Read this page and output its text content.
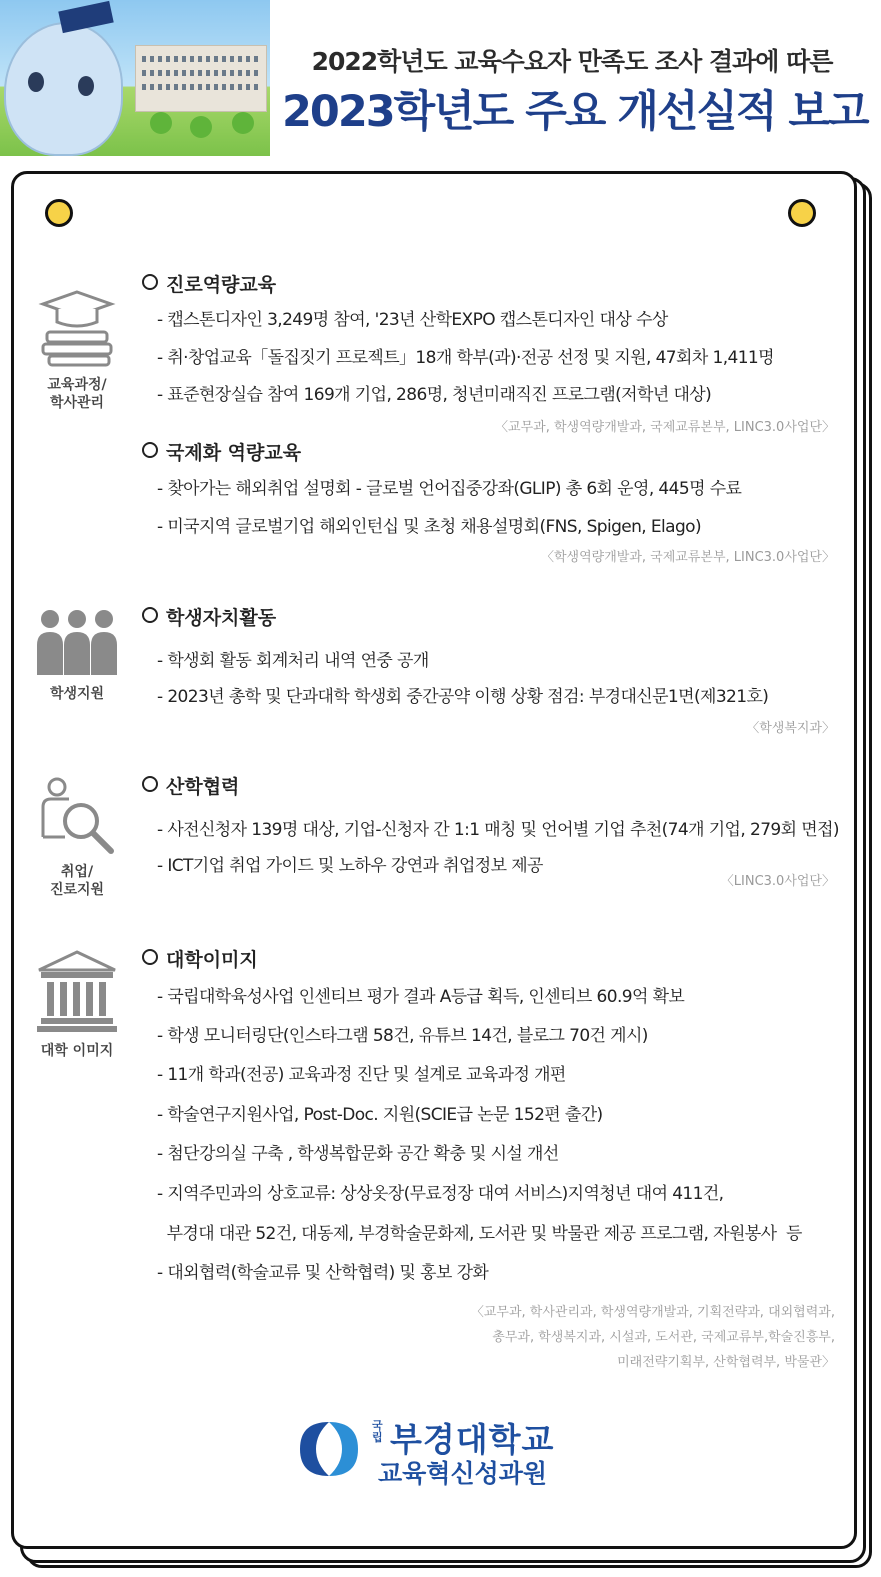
2022학년도 교육수요자 만족도 조사 결과에 따른
2023학년도 주요 개선실적 보고
교육과정/
학사관리
진로역량교육
- 캡스톤디자인 3,249명 참여, '23년 산학EXPO 캡스톤디자인 대상 수상
- 취·창업교육「돌집짓기 프로젝트」18개 학부(과)·전공 선정 및 지원, 47회차 1,411명
- 표준현장실습 참여 169개 기업, 286명, 청년미래직진 프로그램(저학년 대상)
〈교무과, 학생역량개발과, 국제교류본부, LINC3.0사업단〉
국제화 역량교육
- 찾아가는 해외취업 설명회 - 글로벌 언어집중강좌(GLIP) 총 6회 운영, 445명 수료
- 미국지역 글로벌기업 해외인턴십 및 초청 채용설명회(FNS, Spigen, Elago)
〈학생역량개발과, 국제교류본부, LINC3.0사업단〉
학생지원
학생자치활동
- 학생회 활동 회계처리 내역 연중 공개
- 2023년 총학 및 단과대학 학생회 중간공약 이행 상황 점검: 부경대신문1면(제321호)
〈학생복지과〉
취업/
진로지원
산학협력
- 사전신청자 139명 대상, 기업-신청자 간 1:1 매칭 및 언어별 기업 추천(74개 기업, 279회 면접)
- ICT기업 취업 가이드 및 노하우 강연과 취업정보 제공
〈LINC3.0사업단〉
대학 이미지
대학이미지
- 국립대학육성사업 인센티브 평가 결과 A등급 획득, 인센티브 60.9억 확보
- 학생 모니터링단(인스타그램 58건, 유튜브 14건, 블로그 70건 게시)
- 11개 학과(전공) 교육과정 진단 및 설계로 교육과정 개편
- 학술연구지원사업, Post-Doc. 지원(SCIE급 논문 152편 출간)
- 첨단강의실 구축 , 학생복합문화 공간 확충 및 시설 개선
- 지역주민과의 상호교류: 상상옷장(무료정장 대여 서비스)지역청년 대여 411건,
부경대 대관 52건, 대동제, 부경학술문화제, 도서관 및 박물관 제공 프로그램, 자원봉사  등
- 대외협력(학술교류 및 산학협력) 및 홍보 강화
〈교무과, 학사관리과, 학생역량개발과, 기획전략과, 대외협력과,
총무과, 학생복지과, 시설과, 도서관, 국제교류부,학술진흥부,
미래전략기획부, 산학협력부, 박물관〉
국립 부경대학교
교육혁신성과원
